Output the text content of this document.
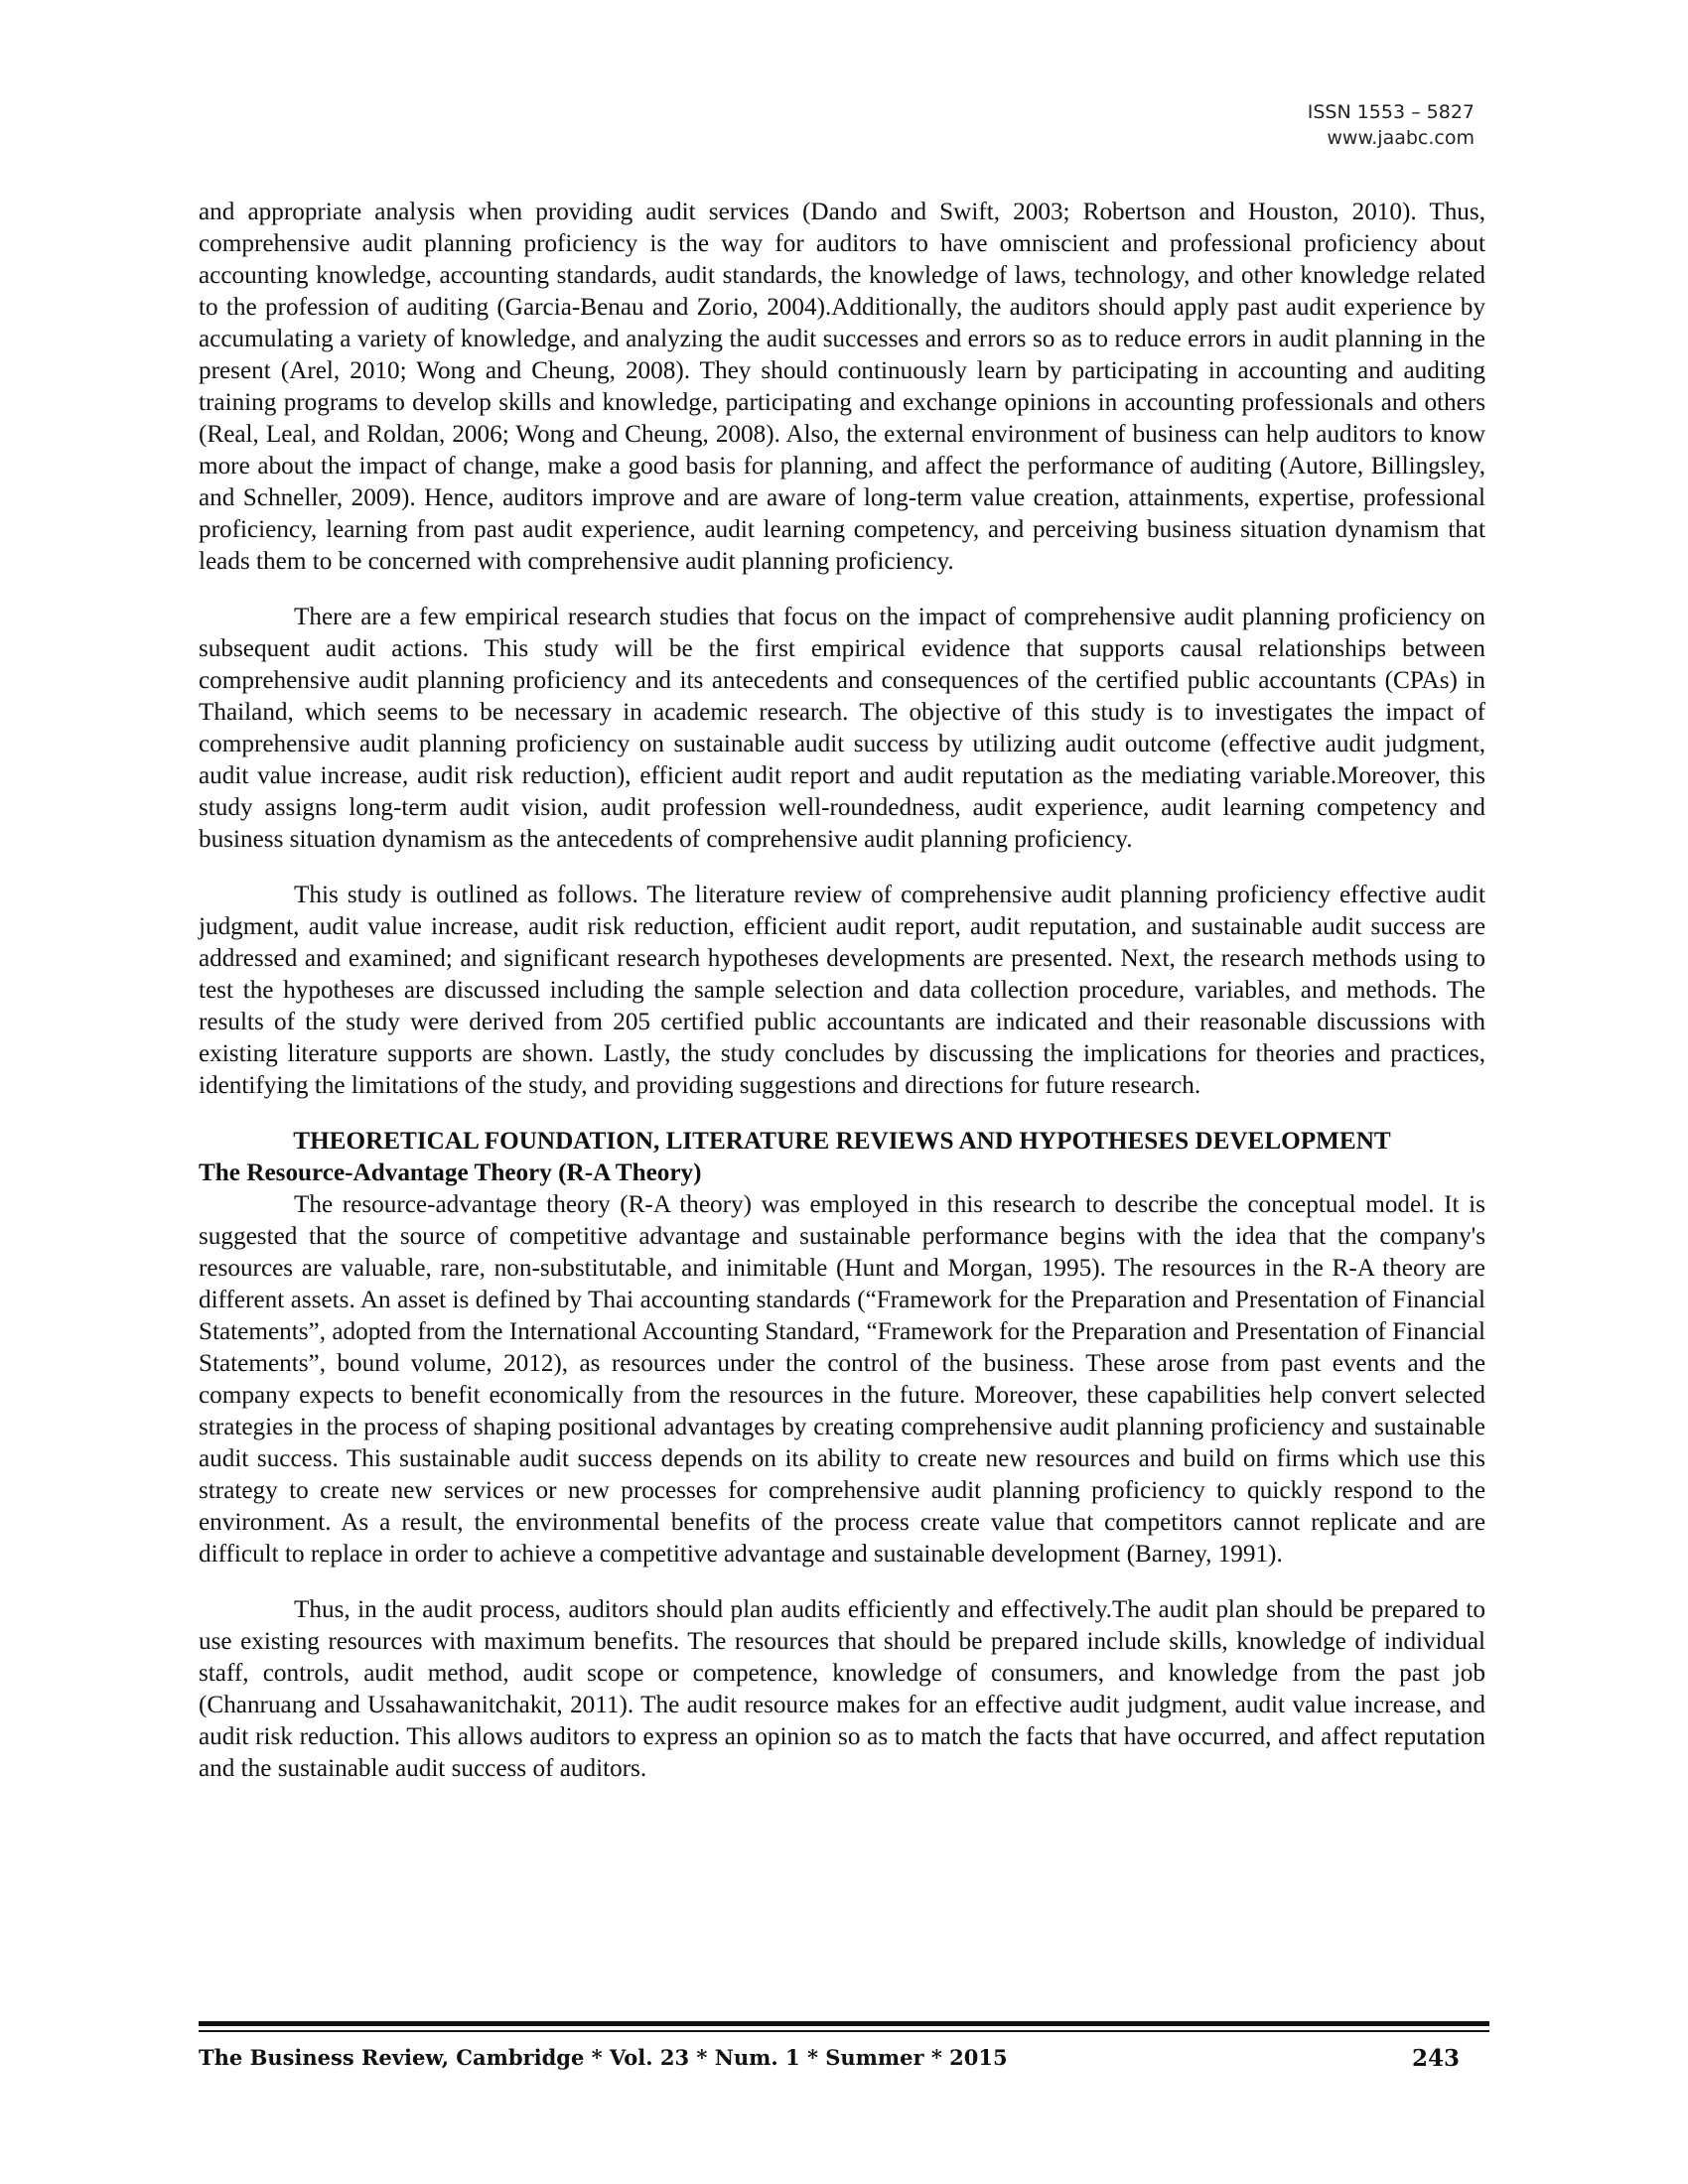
ISSN 1553 – 5827
www.jaabc.com

and appropriate analysis when providing audit services (Dando and Swift, 2003; Robertson and Houston, 2010). Thus, comprehensive audit planning proficiency is the way for auditors to have omniscient and professional proficiency about accounting knowledge, accounting standards, audit standards, the knowledge of laws, technology, and other knowledge related to the profession of auditing (Garcia-Benau and Zorio, 2004).Additionally, the auditors should apply past audit experience by accumulating a variety of knowledge, and analyzing the audit successes and errors so as to reduce errors in audit planning in the present (Arel, 2010; Wong and Cheung, 2008). They should continuously learn by participating in accounting and auditing training programs to develop skills and knowledge, participating and exchange opinions in accounting professionals and others (Real, Leal, and Roldan, 2006; Wong and Cheung, 2008). Also, the external environment of business can help auditors to know more about the impact of change, make a good basis for planning, and affect the performance of auditing (Autore, Billingsley, and Schneller, 2009). Hence, auditors improve and are aware of long-term value creation, attainments, expertise, professional proficiency, learning from past audit experience, audit learning competency, and perceiving business situation dynamism that leads them to be concerned with comprehensive audit planning proficiency.

There are a few empirical research studies that focus on the impact of comprehensive audit planning proficiency on subsequent audit actions. This study will be the first empirical evidence that supports causal relationships between comprehensive audit planning proficiency and its antecedents and consequences of the certified public accountants (CPAs) in Thailand, which seems to be necessary in academic research. The objective of this study is to investigates the impact of comprehensive audit planning proficiency on sustainable audit success by utilizing audit outcome (effective audit judgment, audit value increase, audit risk reduction), efficient audit report and audit reputation as the mediating variable.Moreover, this study assigns long-term audit vision, audit profession well-roundedness, audit experience, audit learning competency and business situation dynamism as the antecedents of comprehensive audit planning proficiency.

This study is outlined as follows. The literature review of comprehensive audit planning proficiency effective audit judgment, audit value increase, audit risk reduction, efficient audit report, audit reputation, and sustainable audit success are addressed and examined; and significant research hypotheses developments are presented. Next, the research methods using to test the hypotheses are discussed including the sample selection and data collection procedure, variables, and methods. The results of the study were derived from 205 certified public accountants are indicated and their reasonable discussions with existing literature supports are shown. Lastly, the study concludes by discussing the implications for theories and practices, identifying the limitations of the study, and providing suggestions and directions for future research.

THEORETICAL FOUNDATION, LITERATURE REVIEWS AND HYPOTHESES DEVELOPMENT

The Resource-Advantage Theory (R-A Theory)

The resource-advantage theory (R-A theory) was employed in this research to describe the conceptual model. It is suggested that the source of competitive advantage and sustainable performance begins with the idea that the company's resources are valuable, rare, non-substitutable, and inimitable (Hunt and Morgan, 1995). The resources in the R-A theory are different assets. An asset is defined by Thai accounting standards (“Framework for the Preparation and Presentation of Financial Statements”, adopted from the International Accounting Standard, “Framework for the Preparation and Presentation of Financial Statements”, bound volume, 2012), as resources under the control of the business. These arose from past events and the company expects to benefit economically from the resources in the future. Moreover, these capabilities help convert selected strategies in the process of shaping positional advantages by creating comprehensive audit planning proficiency and sustainable audit success. This sustainable audit success depends on its ability to create new resources and build on firms which use this strategy to create new services or new processes for comprehensive audit planning proficiency to quickly respond to the environment. As a result, the environmental benefits of the process create value that competitors cannot replicate and are difficult to replace in order to achieve a competitive advantage and sustainable development (Barney, 1991).

Thus, in the audit process, auditors should plan audits efficiently and effectively.The audit plan should be prepared to use existing resources with maximum benefits. The resources that should be prepared include skills, knowledge of individual staff, controls, audit method, audit scope or competence, knowledge of consumers, and knowledge from the past job (Chanruang and Ussahawanitchakit, 2011). The audit resource makes for an effective audit judgment, audit value increase, and audit risk reduction. This allows auditors to express an opinion so as to match the facts that have occurred, and affect reputation and the sustainable audit success of auditors.

The Business Review, Cambridge * Vol. 23 * Num. 1 * Summer * 2015	243
